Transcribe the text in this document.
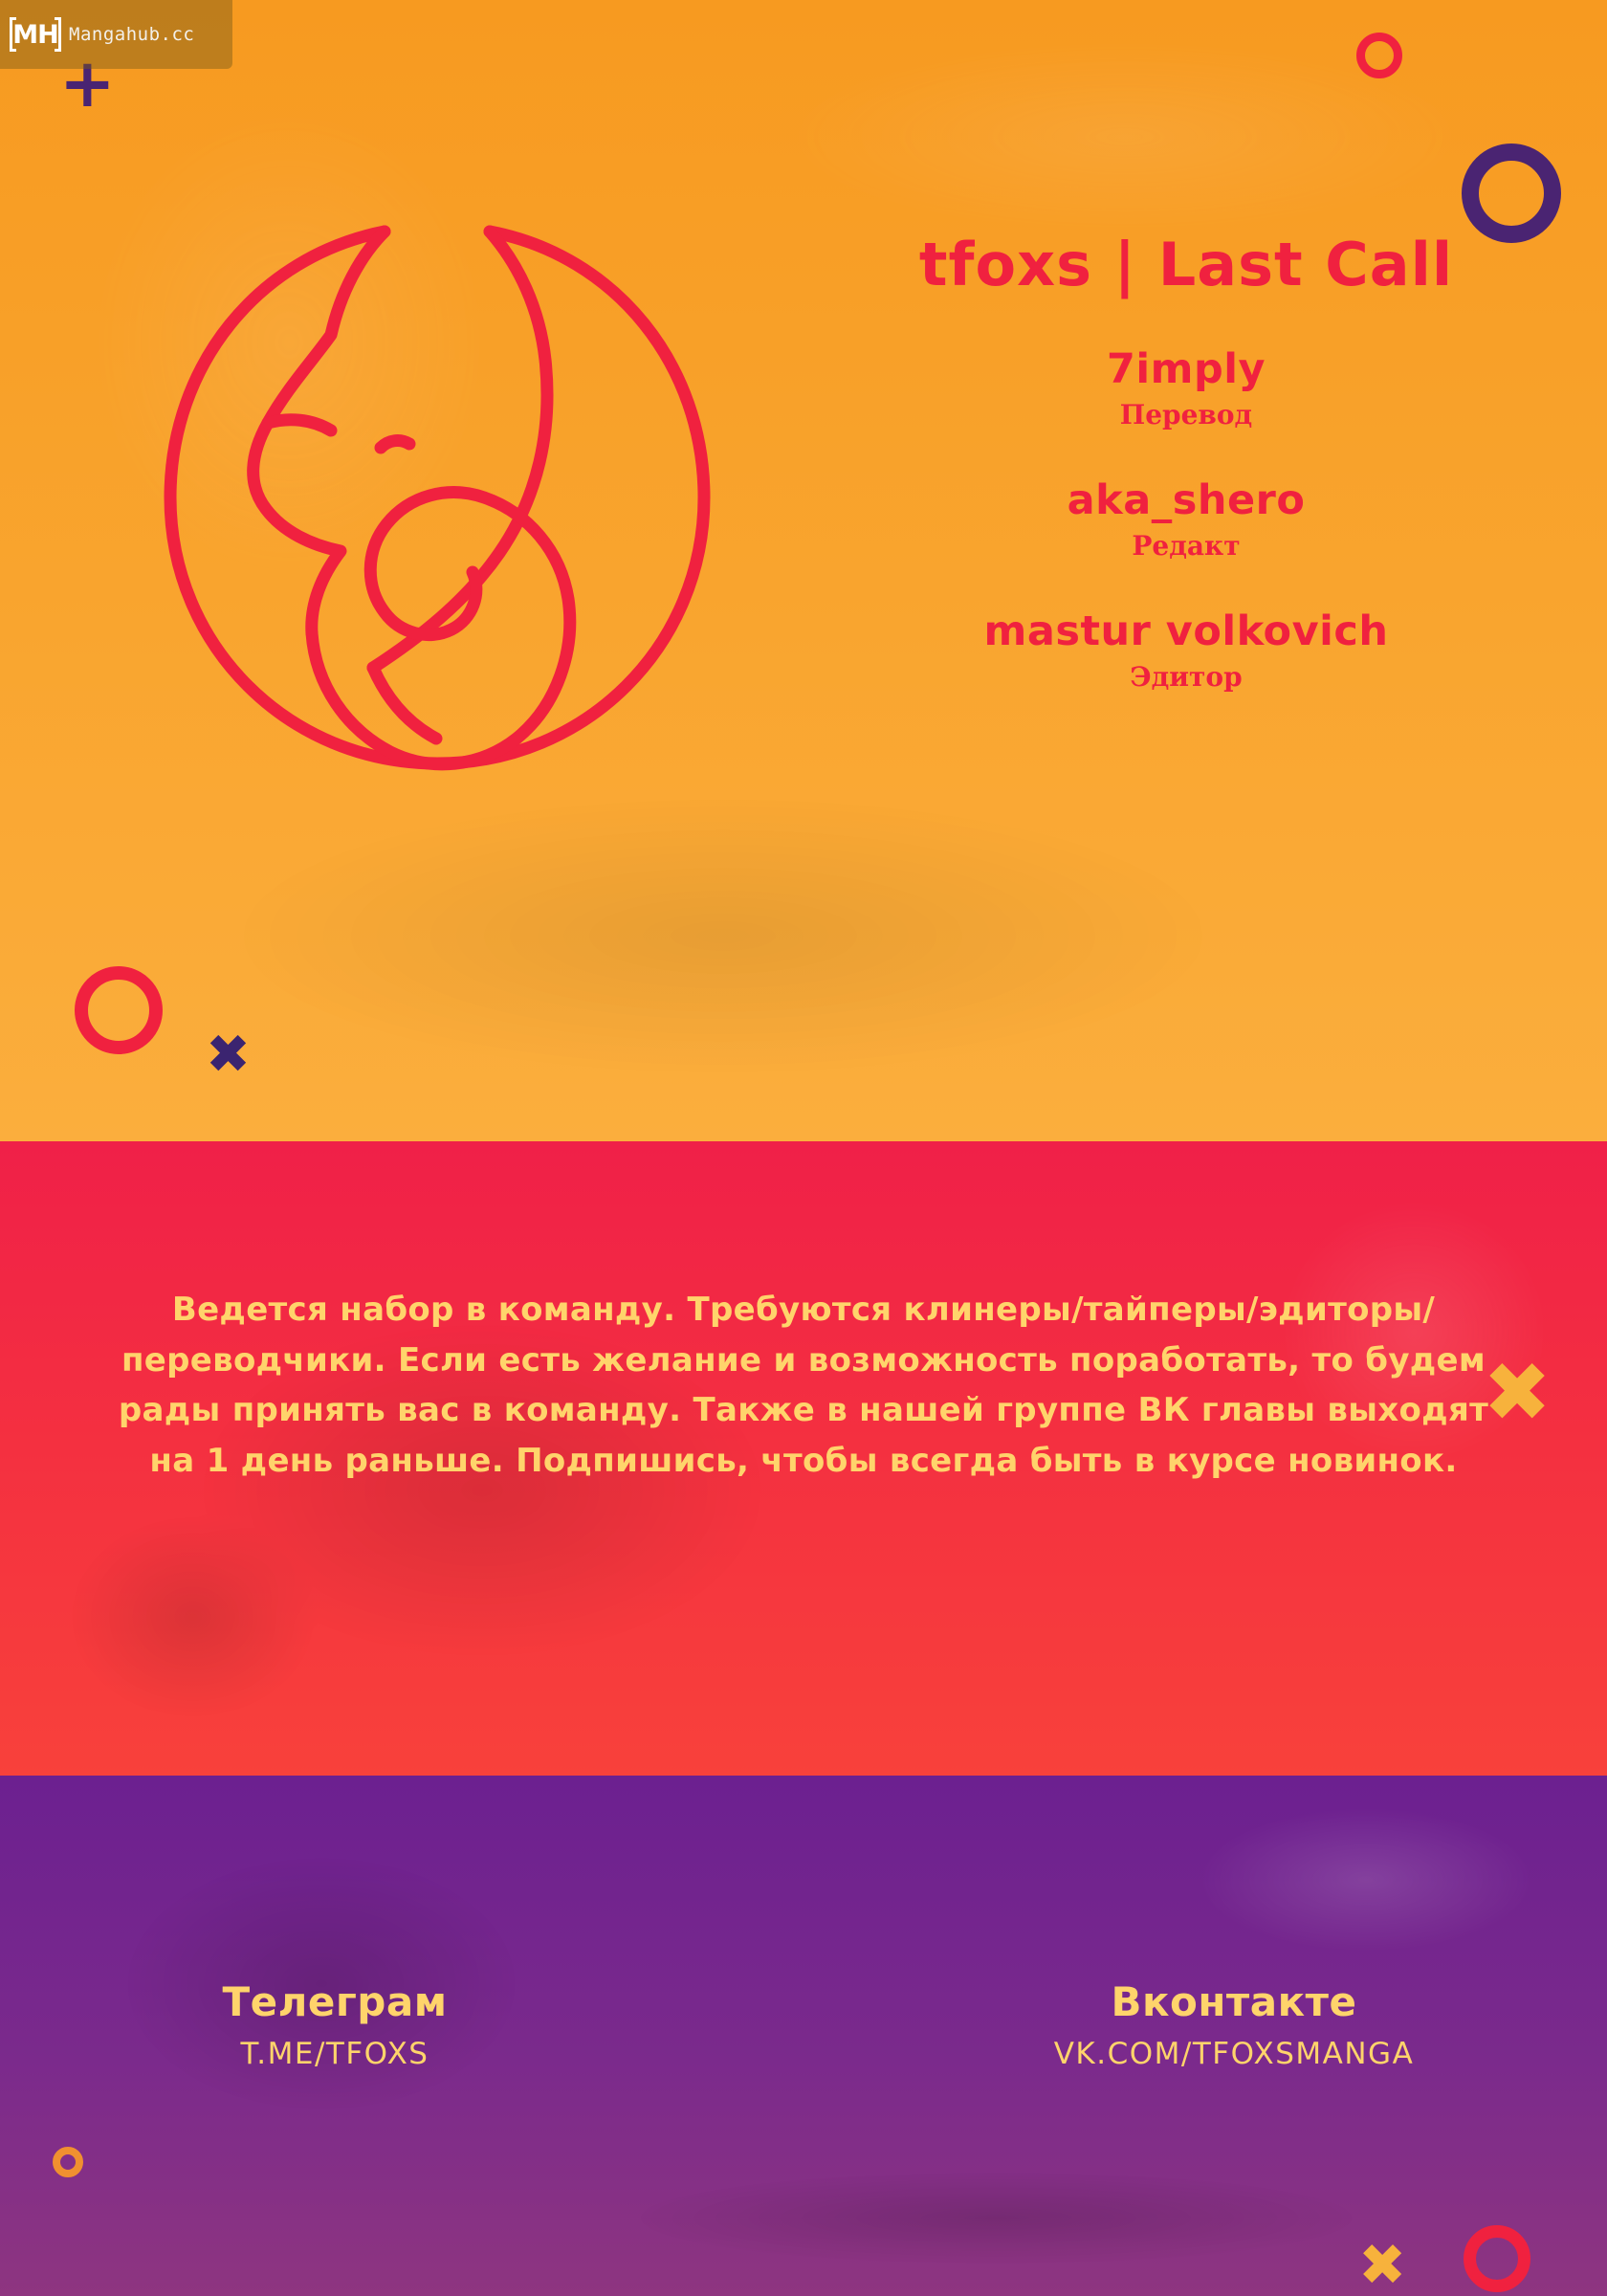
✖
tfoxs | Last Call
7imply
Перевод
aka_shero
Редакт
mastur volkovich
Эдитор
✖
Ведется набор в команду. Требуются клинеры/тайперы/эдиторы/переводчики. Если есть желание и возможность поработать, то будем рады принять вас в команду. Также в нашей группе ВК главы выходят на 1 день раньше. Подпишись, чтобы всегда быть в курсе новинок.
✖
Телеграм
T.ME/TFOXS
Вконтакте
VK.COM/TFOXSMANGA
+
MH Mangahub.cc
